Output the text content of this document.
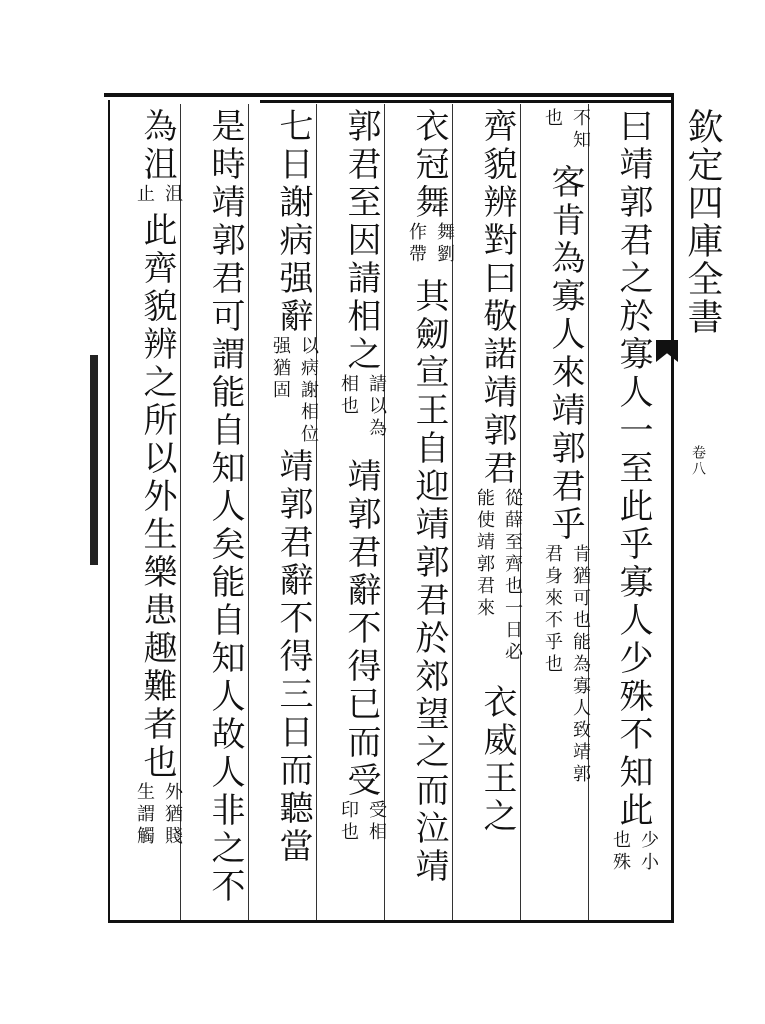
欽定四庫全書
卷八
曰靖郭君之於寡人一至此乎寡人少殊不知此少小也殊
不知也客肯為寡人來靖郭君乎肯猶可也能為寡人致靖郭君身來不乎也
齊貌辨對曰敬諾靖郭君從薛至齊也一日必能使靖郭君來衣威王之
衣冠舞舞劉作帶其劒宣王自迎靖郭君於郊望之而泣靖
郭君至因請相之請以為相也靖郭君辭不得已而受受相印也
七日謝病强辭以病謝相位强猶固靖郭君辭不得三日而聽當
是時靖郭君可謂能自知人矣能自知人故人非之不
為沮沮止此齊貌辨之所以外生樂患趣難者也外猶賤生謂觸
